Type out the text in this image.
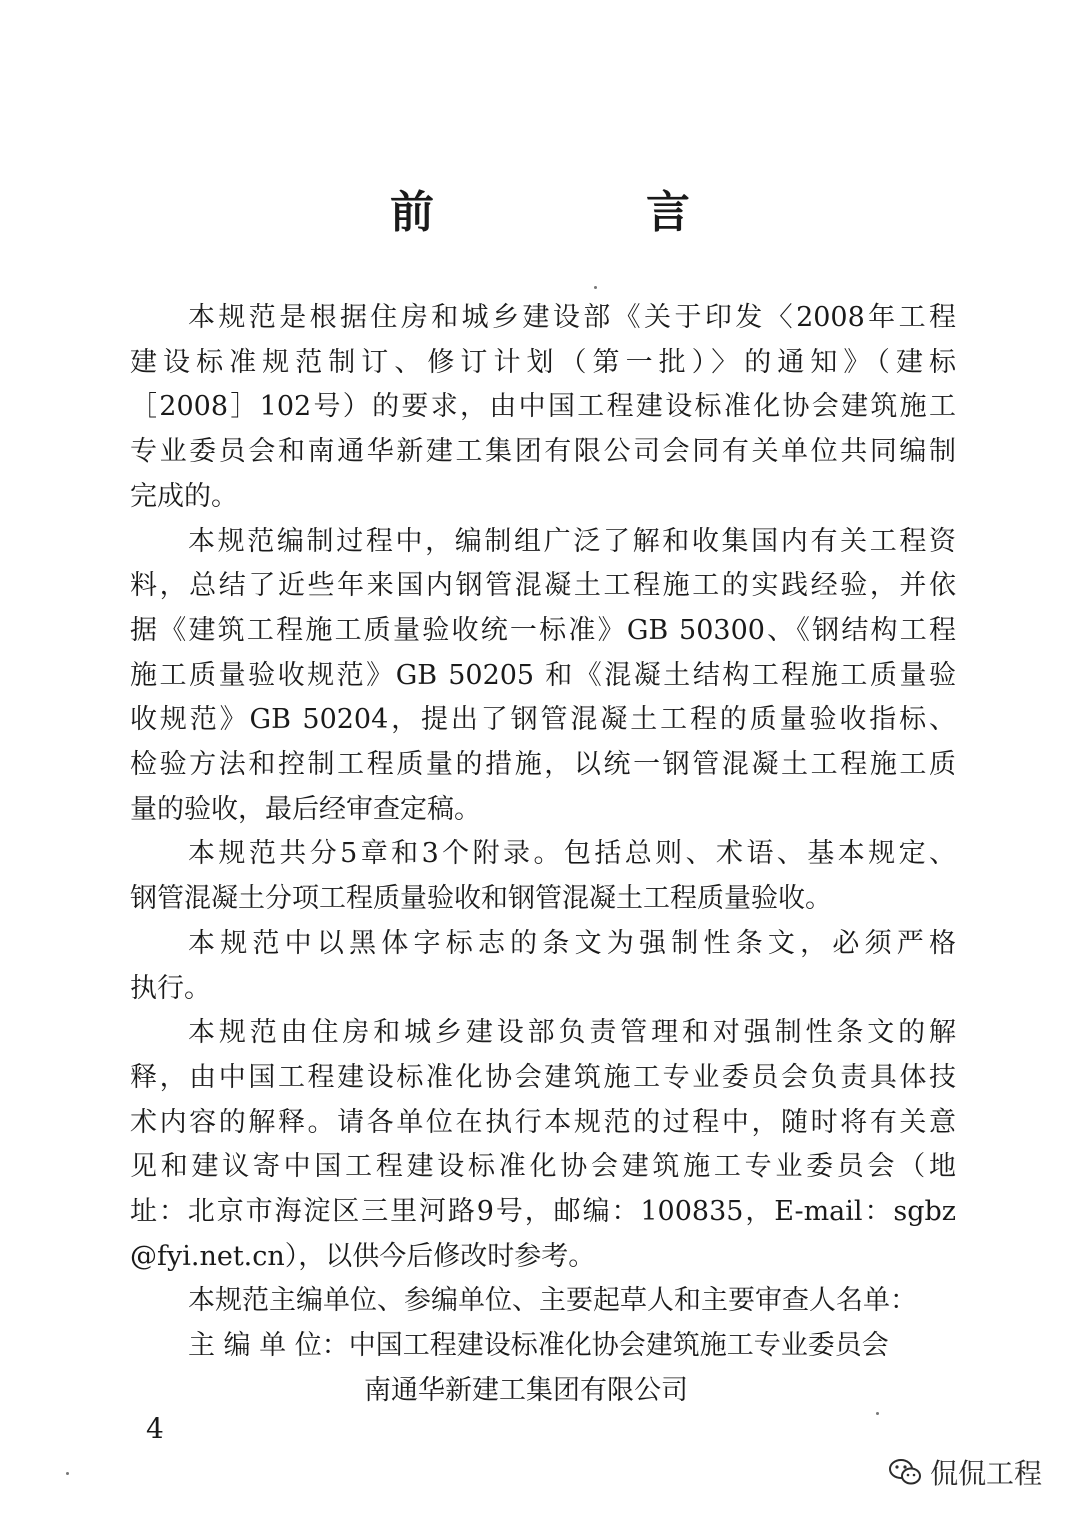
前　言
本规范是根据住房和城乡建设部《关于印发〈2008年工程
建设标准规范制订、修订计划（第一批）〉的通知》（建标
［2008］102号）的要求，由中国工程建设标准化协会建筑施工
专业委员会和南通华新建工集团有限公司会同有关单位共同编制
完成的。
本规范编制过程中，编制组广泛了解和收集国内有关工程资
料，总结了近些年来国内钢管混凝土工程施工的实践经验，并依
据《建筑工程施工质量验收统一标准》GB 50300、《钢结构工程
施工质量验收规范》GB 50205 和《混凝土结构工程施工质量验
收规范》GB 50204，提出了钢管混凝土工程的质量验收指标、
检验方法和控制工程质量的措施，以统一钢管混凝土工程施工质
量的验收，最后经审查定稿。
本规范共分5章和3个附录。包括总则、术语、基本规定、
钢管混凝土分项工程质量验收和钢管混凝土工程质量验收。
本规范中以黑体字标志的条文为强制性条文，必须严格
执行。
本规范由住房和城乡建设部负责管理和对强制性条文的解
释，由中国工程建设标准化协会建筑施工专业委员会负责具体技
术内容的解释。请各单位在执行本规范的过程中，随时将有关意
见和建议寄中国工程建设标准化协会建筑施工专业委员会（地
址：北京市海淀区三里河路9号，邮编：100835，E-mail：sgbz
@fyi.net.cn），以供今后修改时参考。
本规范主编单位、参编单位、主要起草人和主要审查人名单：
主 编 单 位：中国工程建设标准化协会建筑施工专业委员会
南通华新建工集团有限公司
4
侃侃工程
